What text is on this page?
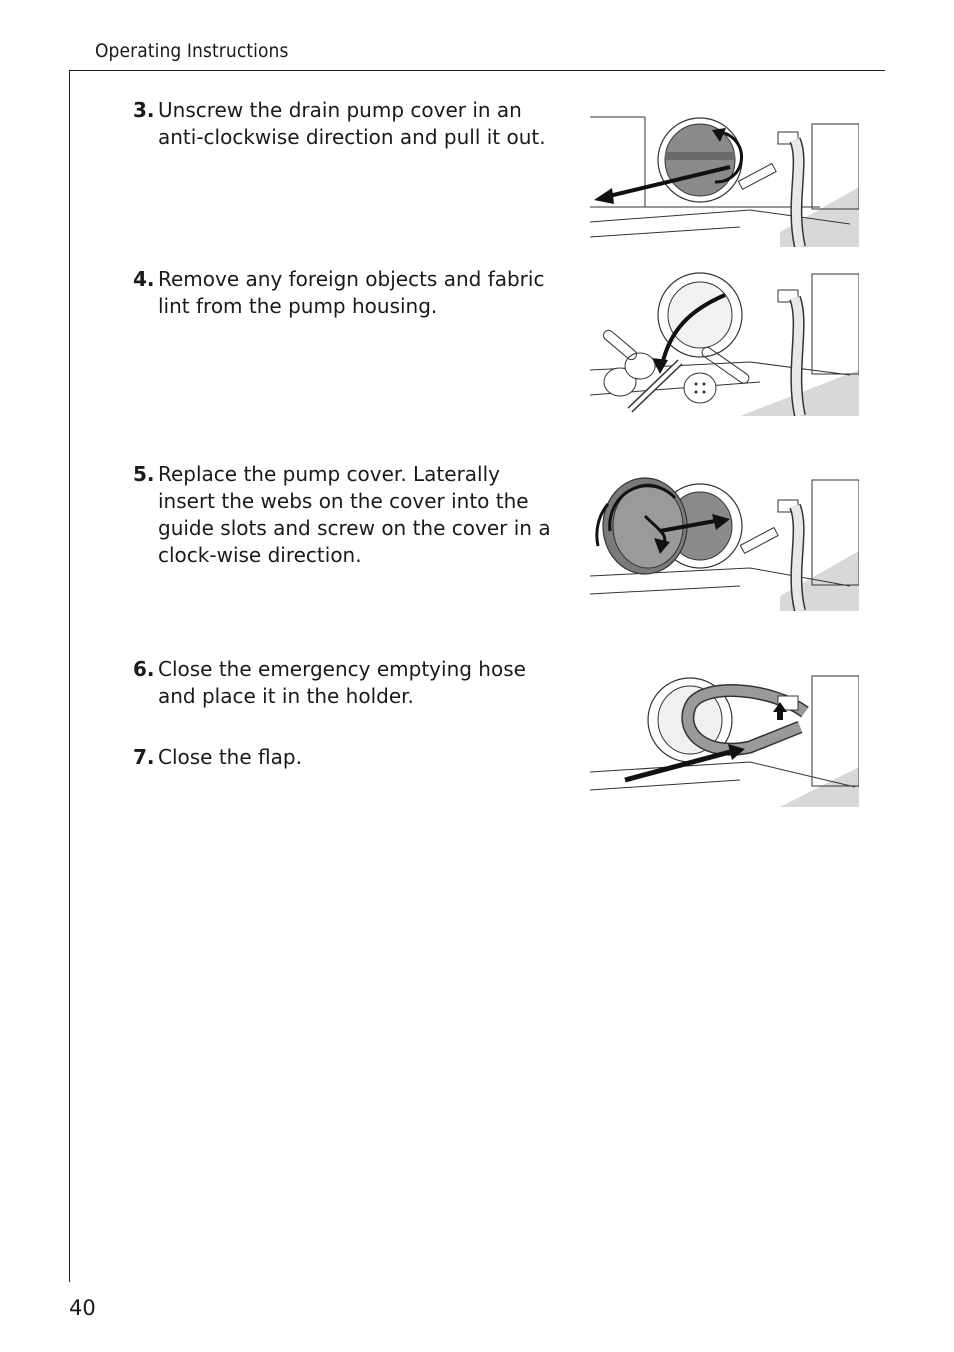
Operating Instructions
3. Unscrew the drain pump cover in an anti-clockwise direction and pull it out.
4. Remove any foreign objects and fabric lint from the pump housing.
5. Replace the pump cover. Laterally insert the webs on the cover into the guide slots and screw on the cover in a clock-wise direction.
6. Close the emergency emptying hose and place it in the holder.
7. Close the flap.
40
